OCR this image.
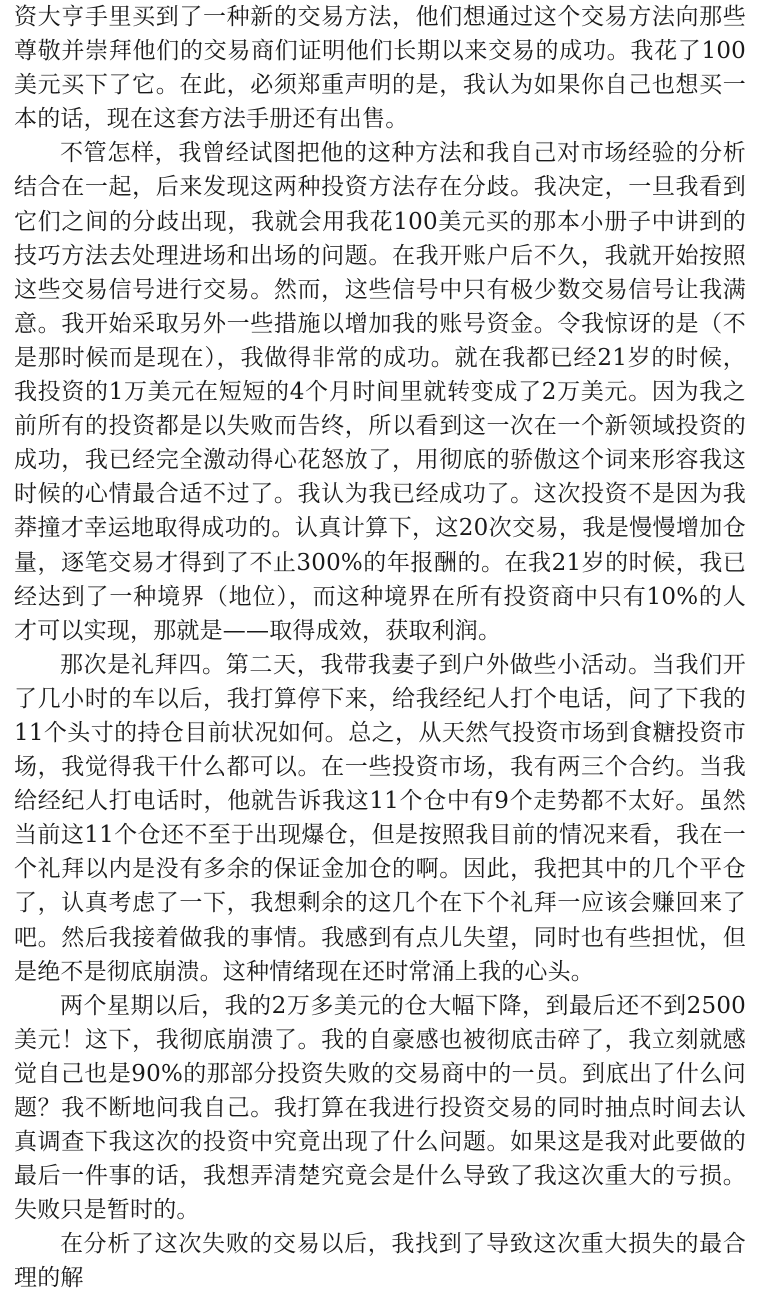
资大亨手里买到了一种新的交易方法，他们想通过这个交易方法向那些尊敬并崇拜他们的交易商们证明他们长期以来交易的成功。我花了100美元买下了它。在此，必须郑重声明的是，我认为如果你自己也想买一本的话，现在这套方法手册还有出售。

不管怎样，我曾经试图把他的这种方法和我自己对市场经验的分析结合在一起，后来发现这两种投资方法存在分歧。我决定，一旦我看到它们之间的分歧出现，我就会用我花100美元买的那本小册子中讲到的技巧方法去处理进场和出场的问题。在我开账户后不久，我就开始按照这些交易信号进行交易。然而，这些信号中只有极少数交易信号让我满意。我开始采取另外一些措施以增加我的账号资金。令我惊讶的是（不是那时候而是现在），我做得非常的成功。就在我都已经21岁的时候，我投资的1万美元在短短的4个月时间里就转变成了2万美元。因为我之前所有的投资都是以失败而告终，所以看到这一次在一个新领域投资的成功，我已经完全激动得心花怒放了，用彻底的骄傲这个词来形容我这时候的心情最合适不过了。我认为我已经成功了。这次投资不是因为我莽撞才幸运地取得成功的。认真计算下，这20次交易，我是慢慢增加仓量，逐笔交易才得到了不止300%的年报酬的。在我21岁的时候，我已经达到了一种境界（地位），而这种境界在所有投资商中只有10%的人才可以实现，那就是——取得成效，获取利润。

那次是礼拜四。第二天，我带我妻子到户外做些小活动。当我们开了几小时的车以后，我打算停下来，给我经纪人打个电话，问了下我的11个头寸的持仓目前状况如何。总之，从天然气投资市场到食糖投资市场，我觉得我干什么都可以。在一些投资市场，我有两三个合约。当我给经纪人打电话时，他就告诉我这11个仓中有9个走势都不太好。虽然当前这11个仓还不至于出现爆仓，但是按照我目前的情况来看，我在一个礼拜以内是没有多余的保证金加仓的啊。因此，我把其中的几个平仓了，认真考虑了一下，我想剩余的这几个在下个礼拜一应该会赚回来了吧。然后我接着做我的事情。我感到有点儿失望，同时也有些担忧，但是绝不是彻底崩溃。这种情绪现在还时常涌上我的心头。

两个星期以后，我的2万多美元的仓大幅下降，到最后还不到2500美元！这下，我彻底崩溃了。我的自豪感也被彻底击碎了，我立刻就感觉自己也是90%的那部分投资失败的交易商中的一员。到底出了什么问题？我不断地问我自己。我打算在我进行投资交易的同时抽点时间去认真调查下我这次的投资中究竟出现了什么问题。如果这是我对此要做的最后一件事的话，我想弄清楚究竟会是什么导致了我这次重大的亏损。失败只是暂时的。

在分析了这次失败的交易以后，我找到了导致这次重大损失的最合理的解
